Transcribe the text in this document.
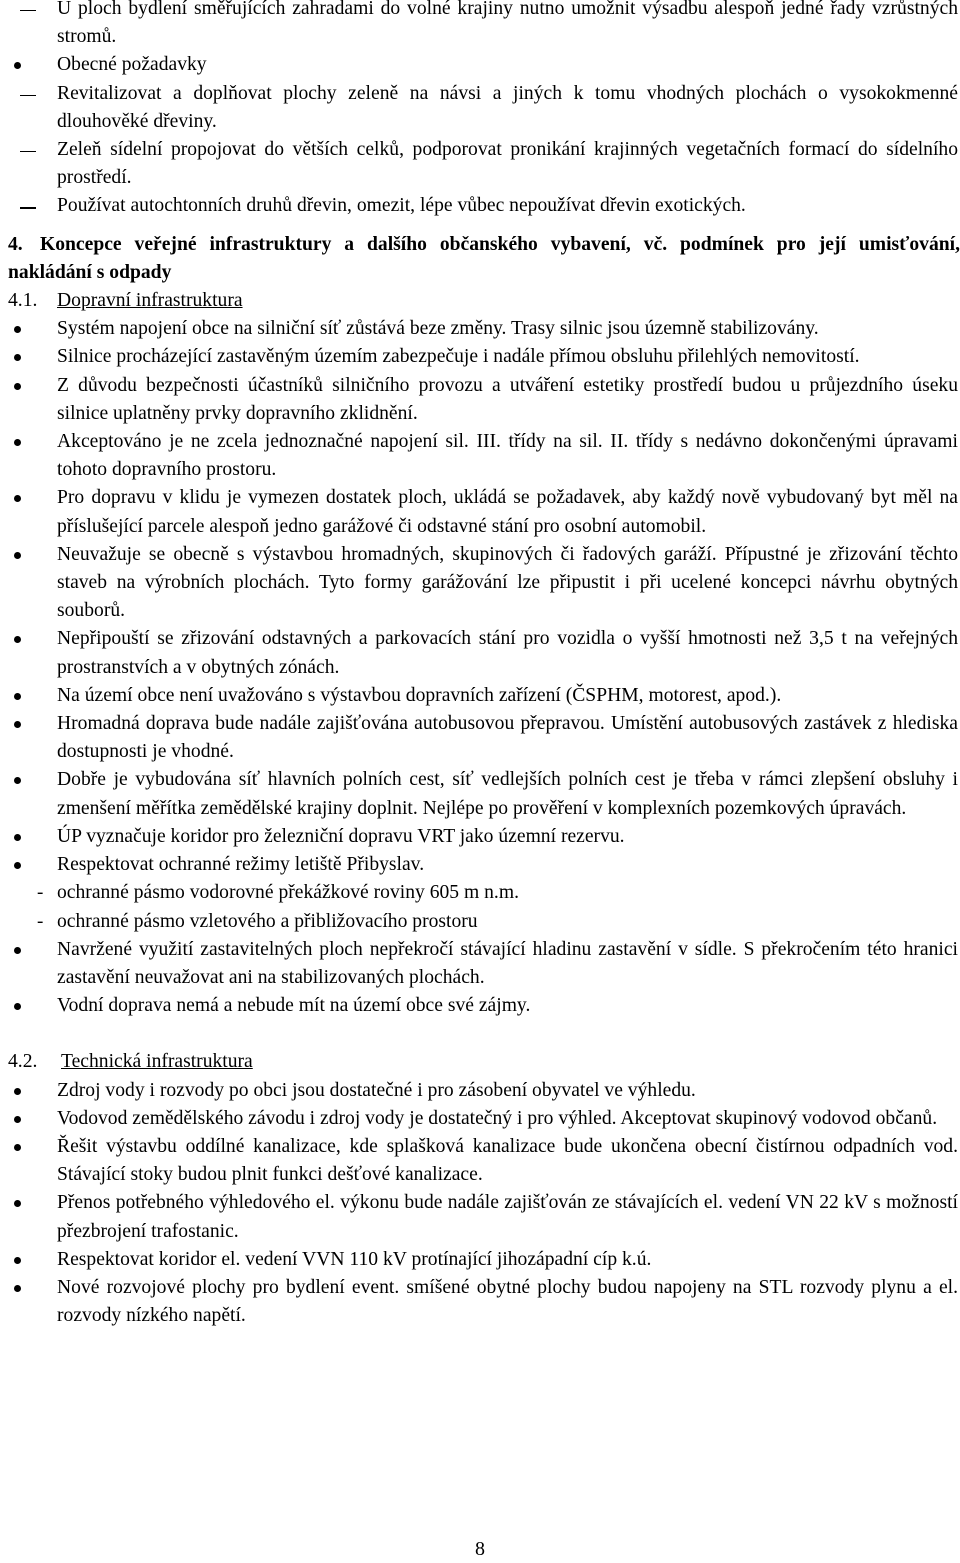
U ploch bydlení směřujících zahradami do volné krajiny nutno umožnit výsadbu alespoň jedné řady vzrůstných stromů.
Obecné požadavky
Revitalizovat a doplňovat plochy zeleně na návsi a jiných k tomu vhodných plochách o vysokokmenné dlouhověké dřeviny.
Zeleň sídelní propojovat do větších celků, podporovat pronikání krajinných vegetačních formací do sídelního prostředí.
Používat autochtonních druhů dřevin, omezit, lépe vůbec nepoužívat dřevin exotických.
4. Koncepce veřejné infrastruktury a dalšího občanského vybavení, vč. podmínek pro její umisťování, nakládání s odpady
4.1. Dopravní infrastruktura
Systém napojení obce na silniční síť zůstává beze změny. Trasy silnic jsou územně stabilizovány.
Silnice procházející zastavěným územím zabezpečuje i nadále přímou obsluhu přilehlých nemovitostí.
Z důvodu bezpečnosti účastníků silničního provozu a utváření estetiky prostředí budou u průjezdního úseku silnice uplatněny prvky dopravního zklidnění.
Akceptováno je ne zcela jednoznačné napojení sil. III. třídy na sil. II. třídy s nedávno dokončenými úpravami tohoto dopravního prostoru.
Pro dopravu v klidu je vymezen dostatek ploch, ukládá se požadavek, aby každý nově vybudovaný byt měl na příslušející parcele alespoň jedno garážové či odstavné stání pro osobní automobil.
Neuvažuje se obecně s výstavbou hromadných, skupinových či řadových garáží. Přípustné je zřizování těchto staveb na výrobních plochách. Tyto formy garážování lze připustit i při ucelené koncepci návrhu obytných souborů.
Nepřipouští se zřizování odstavných a parkovacích stání pro vozidla o vyšší hmotnosti než 3,5 t na veřejných prostranstvích a v obytných zónách.
Na území obce není uvažováno s výstavbou dopravních zařízení (ČSPHM, motorest, apod.).
Hromadná doprava bude nadále zajišťována autobusovou přepravou. Umístění autobusových zastávek z hlediska dostupnosti je vhodné.
Dobře je vybudována síť hlavních polních cest, síť vedlejších polních cest je třeba v rámci zlepšení obsluhy i zmenšení měřítka zemědělské krajiny doplnit. Nejlépe po prověření v komplexních pozemkových úpravách.
ÚP vyznačuje koridor pro železniční dopravu VRT jako územní rezervu.
Respektovat ochranné režimy letiště Přibyslav.
- ochranné pásmo vodorovné překážkové roviny 605 m n.m.
- ochranné pásmo vzletového a přibližovacího prostoru
Navržené využití zastavitelných ploch nepřekročí stávající hladinu zastavění v sídle. S překročením této hranici zastavění neuvažovat ani na stabilizovaných plochách.
Vodní doprava nemá a nebude mít na území obce své zájmy.
4.2. Technická infrastruktura
Zdroj vody i rozvody po obci jsou dostatečné i pro zásobení obyvatel ve výhledu.
Vodovod zemědělského závodu i zdroj vody je dostatečný i pro výhled. Akceptovat skupinový vodovod občanů.
Řešit výstavbu oddílné kanalizace, kde splašková kanalizace bude ukončena obecní čistírnou odpadních vod. Stávající stoky budou plnit funkci dešťové kanalizace.
Přenos potřebného výhledového el. výkonu bude nadále zajišťován ze stávajících el. vedení VN 22 kV s možností přezbrojení trafostanic.
Respektovat koridor el. vedení VVN 110 kV protínající jihozápadní cíp k.ú.
Nové rozvojové plochy pro bydlení event. smíšené obytné plochy budou napojeny na STL rozvody plynu a el. rozvody nízkého napětí.
8
